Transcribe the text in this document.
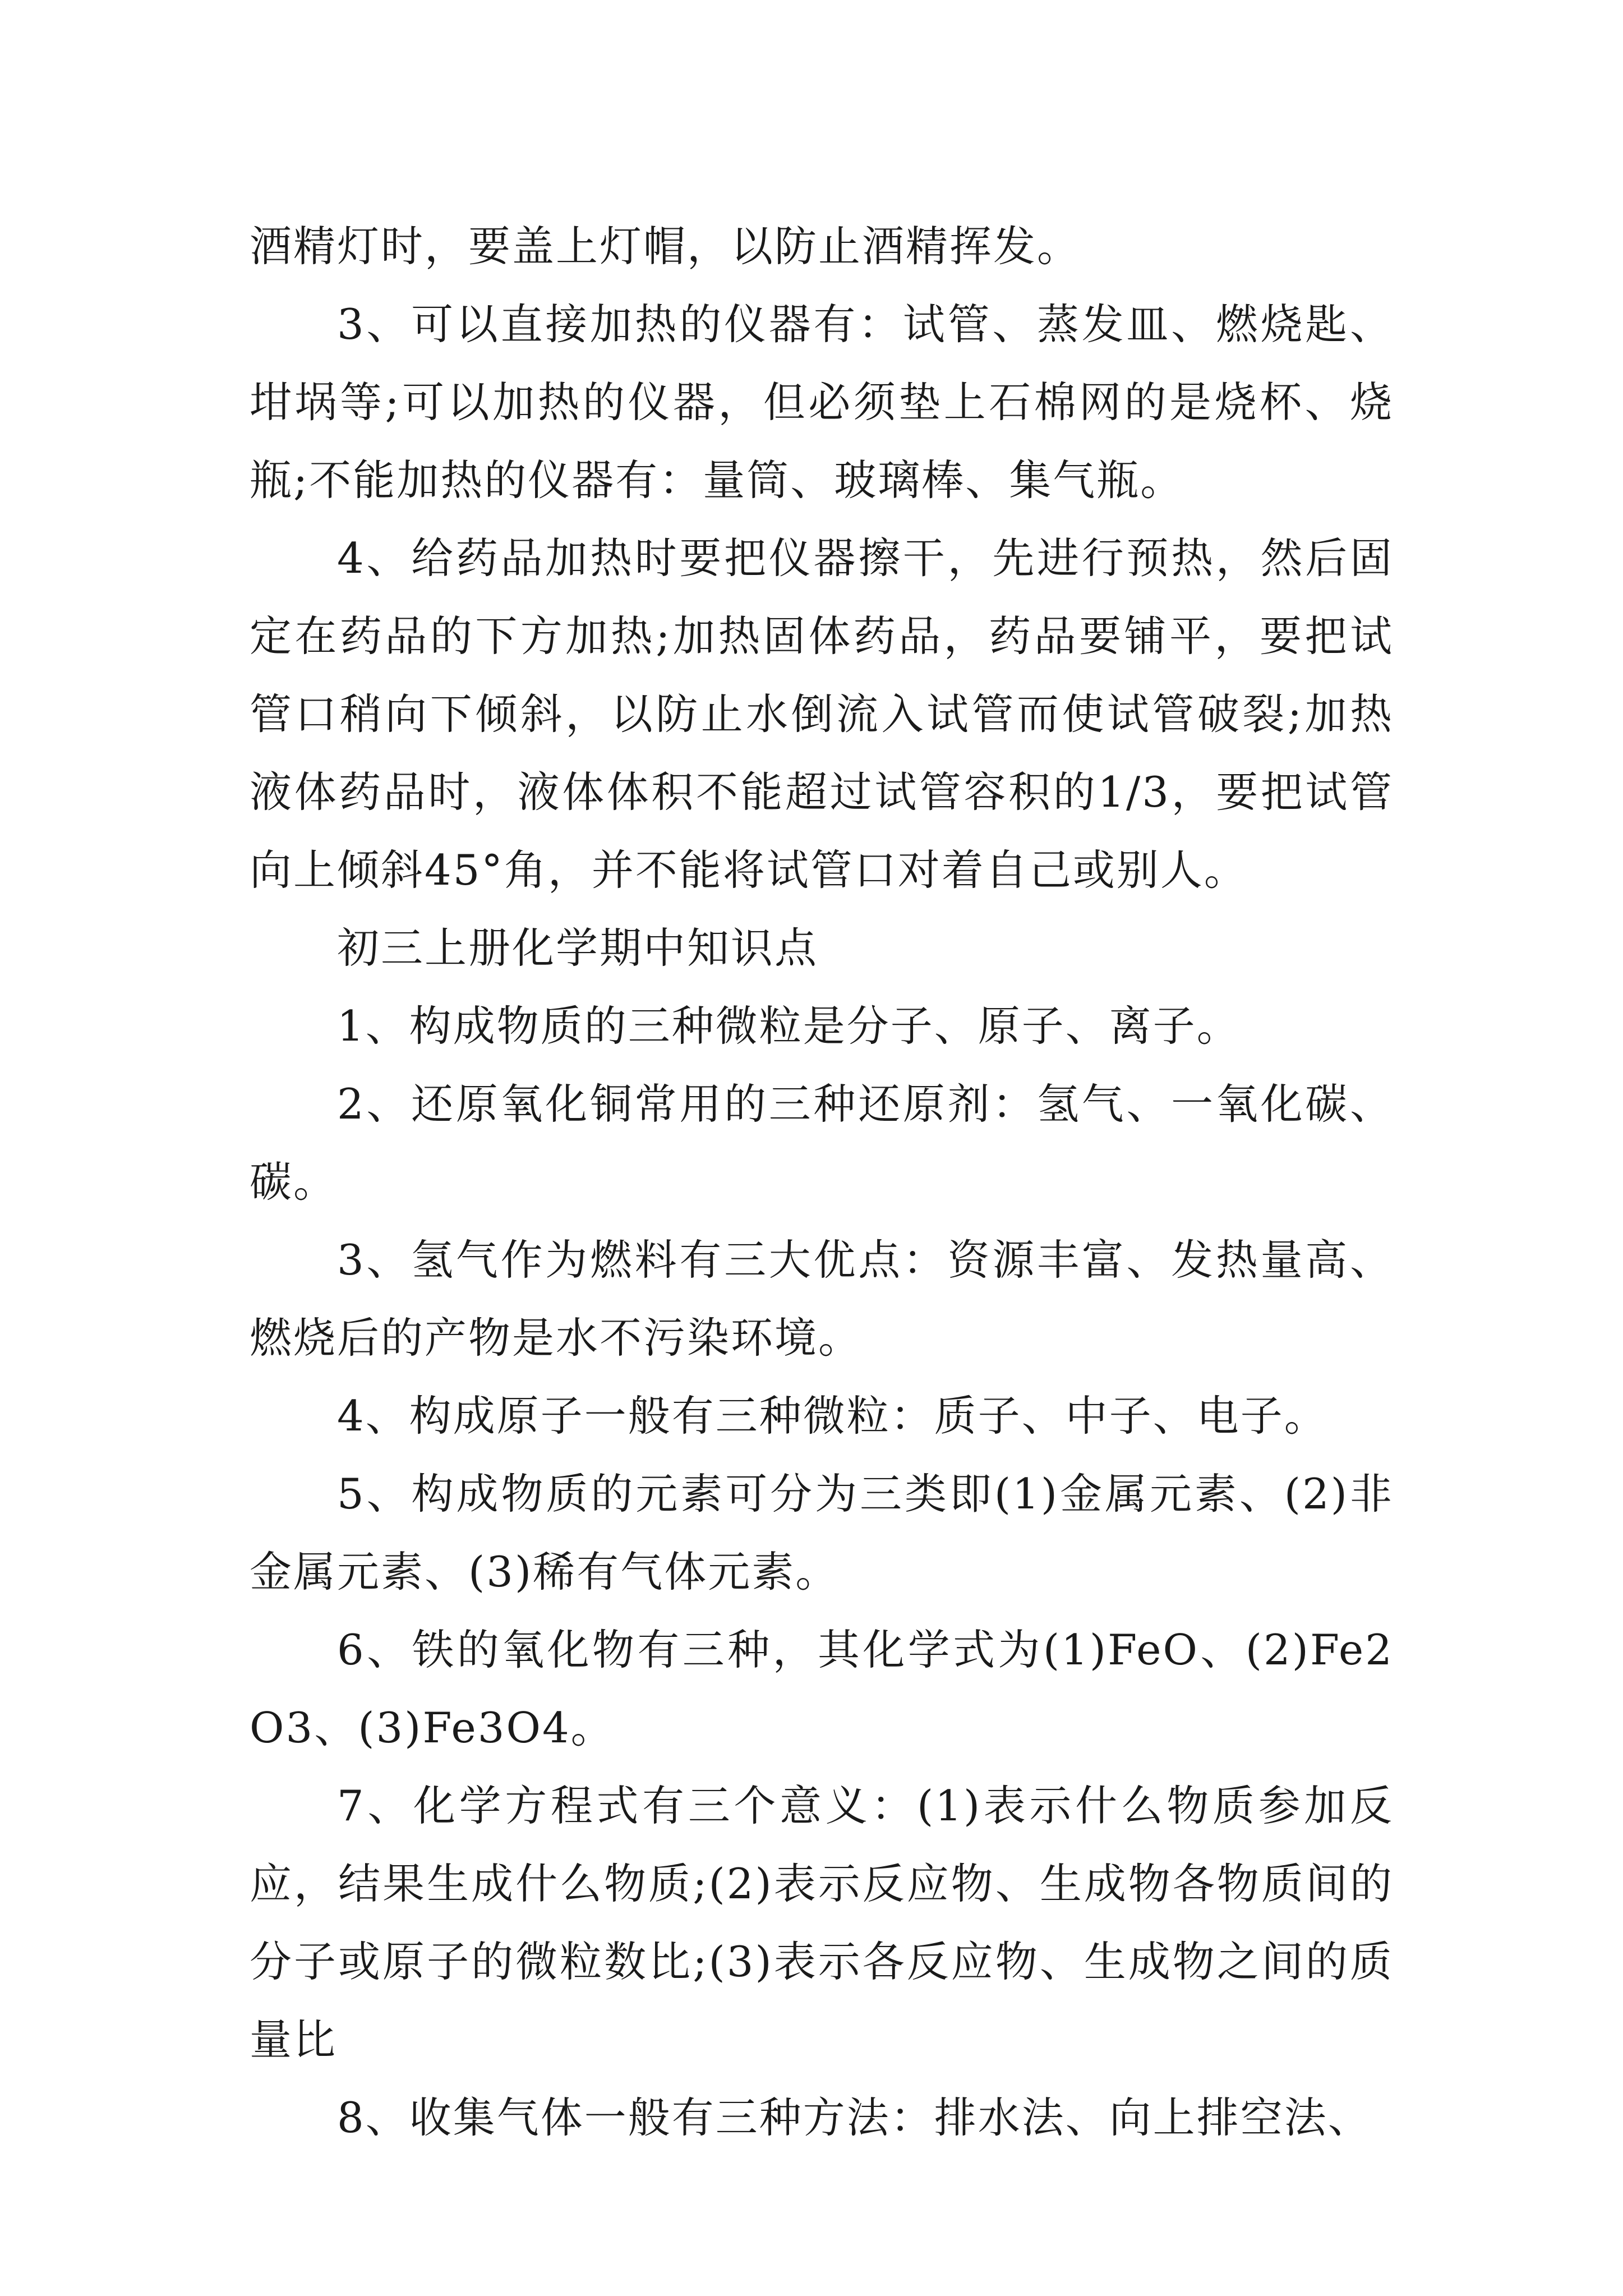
酒精灯时，要盖上灯帽，以防止酒精挥发。

3、可以直接加热的仪器有：试管、蒸发皿、燃烧匙、坩埚等;可以加热的仪器，但必须垫上石棉网的是烧杯、烧瓶;不能加热的仪器有：量筒、玻璃棒、集气瓶。

4、给药品加热时要把仪器擦干，先进行预热，然后固定在药品的下方加热;加热固体药品，药品要铺平，要把试管口稍向下倾斜，以防止水倒流入试管而使试管破裂;加热液体药品时，液体体积不能超过试管容积的1/3，要把试管向上倾斜45°角，并不能将试管口对着自己或别人。

初三上册化学期中知识点

1、构成物质的三种微粒是分子、原子、离子。

2、还原氧化铜常用的三种还原剂：氢气、一氧化碳、碳。

3、氢气作为燃料有三大优点：资源丰富、发热量高、燃烧后的产物是水不污染环境。

4、构成原子一般有三种微粒：质子、中子、电子。

5、构成物质的元素可分为三类即(1)金属元素、(2)非金属元素、(3)稀有气体元素。

6、铁的氧化物有三种，其化学式为(1)FeO、(2)Fe2O3、(3)Fe3O4。

7、化学方程式有三个意义：(1)表示什么物质参加反应，结果生成什么物质;(2)表示反应物、生成物各物质间的分子或原子的微粒数比;(3)表示各反应物、生成物之间的质量比

8、收集气体一般有三种方法：排水法、向上排空法、
